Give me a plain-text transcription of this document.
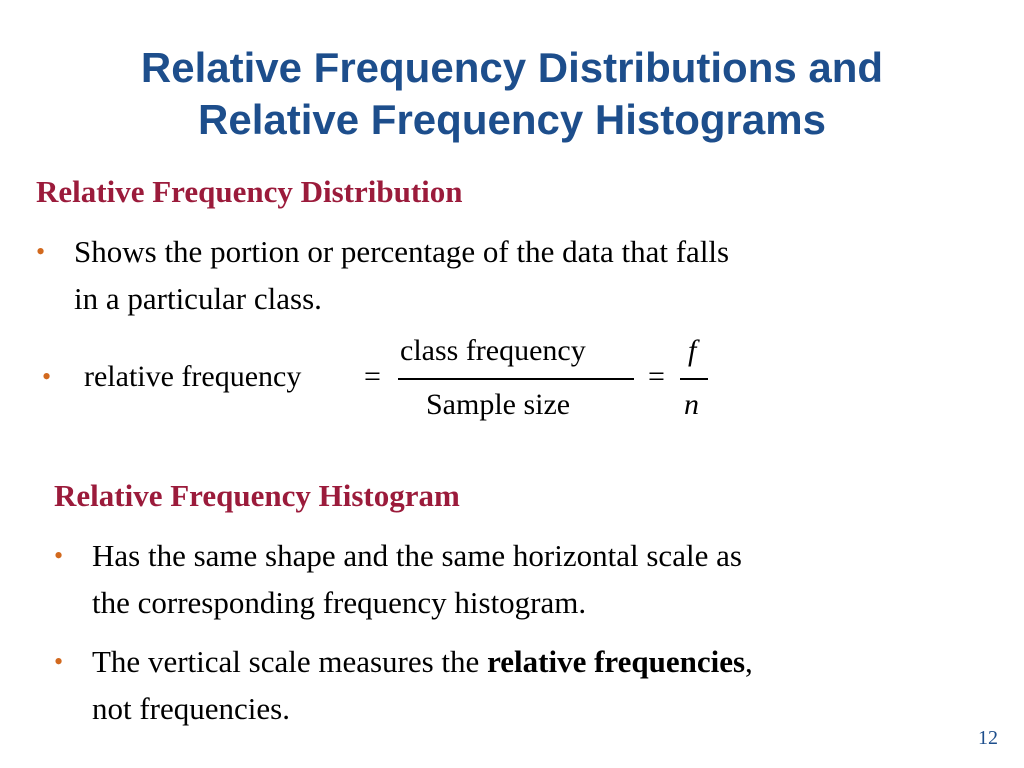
Relative Frequency Distributions and
Relative Frequency Histograms
Relative Frequency Distribution
• Shows the portion or percentage of the data that falls
in a particular class.
• relative frequency =
class frequency
Sample size
=
f
n
Relative Frequency Histogram
• Has the same shape and the same horizontal scale as
the corresponding frequency histogram.
• The vertical scale measures the relative frequencies,
not frequencies.
12
